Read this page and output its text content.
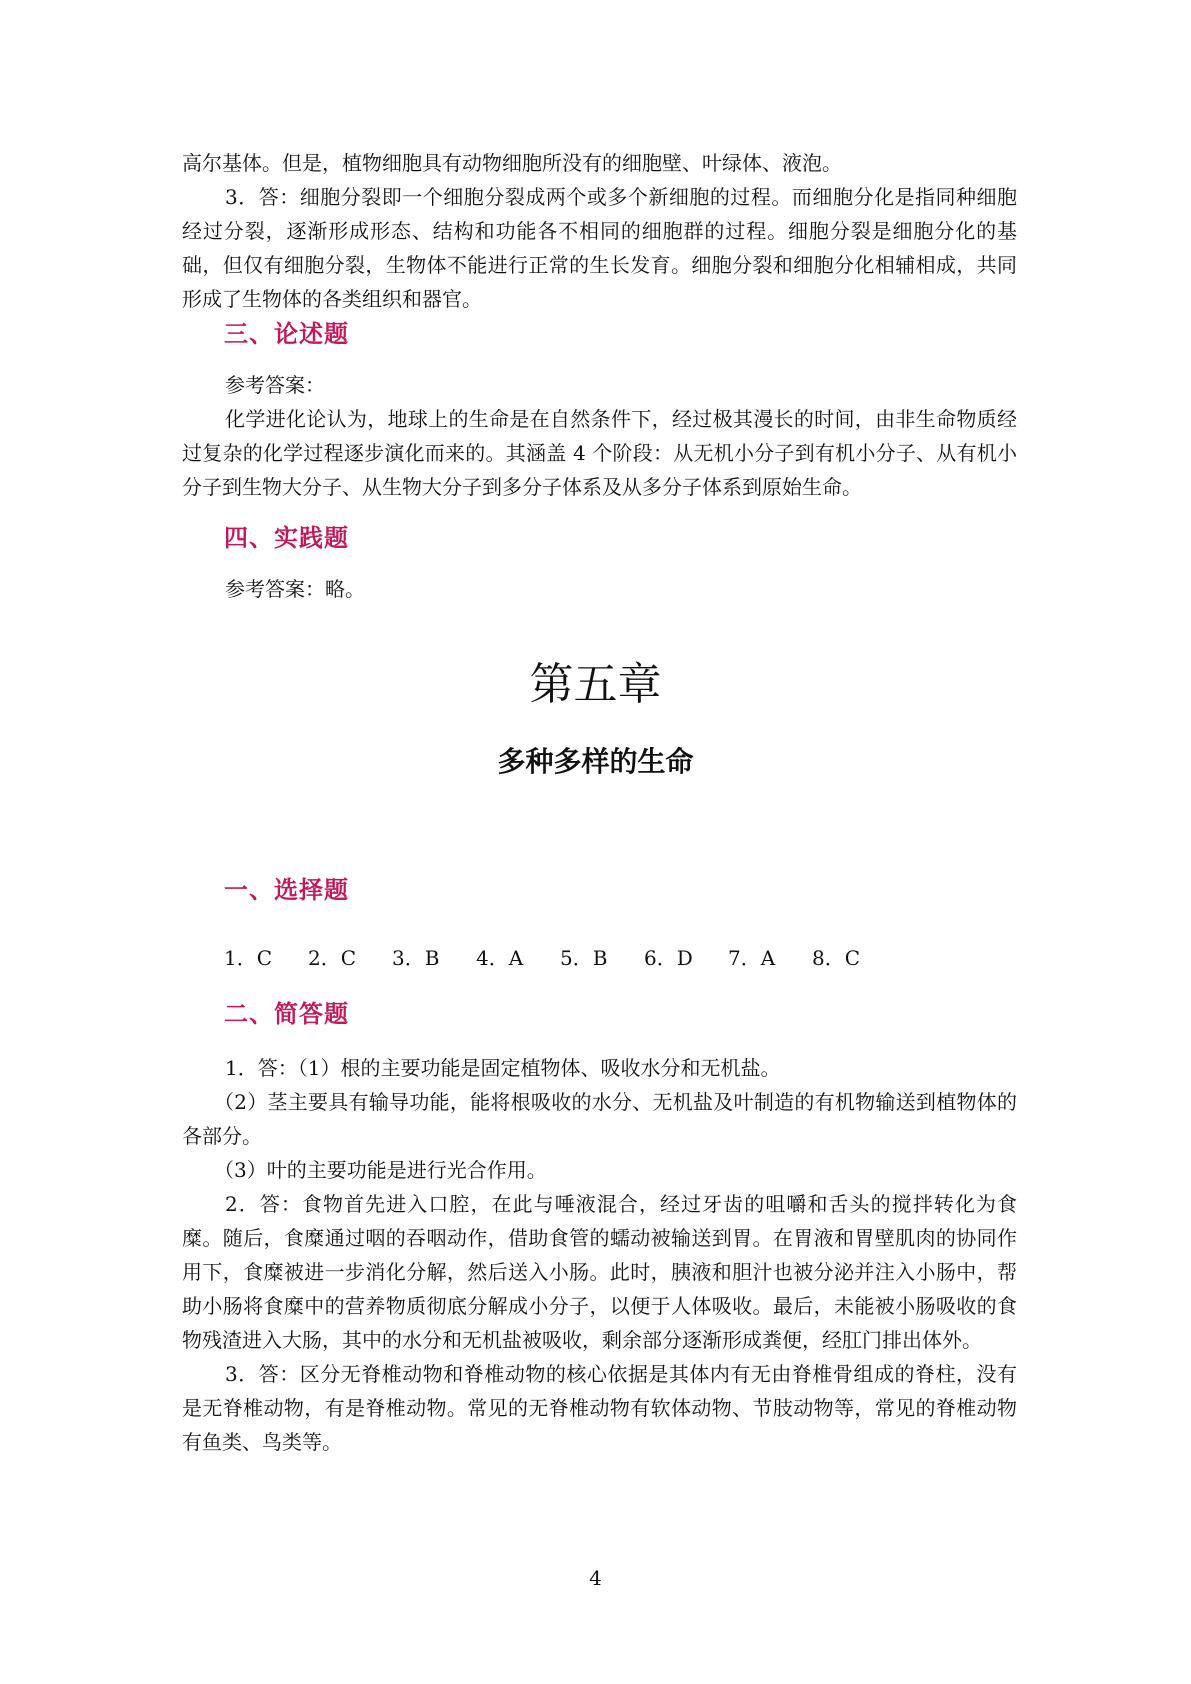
高尔基体。但是，植物细胞具有动物细胞所没有的细胞壁、叶绿体、液泡。

3．答：细胞分裂即一个细胞分裂成两个或多个新细胞的过程。而细胞分化是指同种细胞经过分裂，逐渐形成形态、结构和功能各不相同的细胞群的过程。细胞分裂是细胞分化的基础，但仅有细胞分裂，生物体不能进行正常的生长发育。细胞分裂和细胞分化相辅相成，共同形成了生物体的各类组织和器官。

三、论述题

参考答案：

化学进化论认为，地球上的生命是在自然条件下，经过极其漫长的时间，由非生命物质经过复杂的化学过程逐步演化而来的。其涵盖 4 个阶段：从无机小分子到有机小分子、从有机小分子到生物大分子、从生物大分子到多分子体系及从多分子体系到原始生命。

四、实践题

参考答案：略。

第五章
多种多样的生命
一、选择题
1．C	2．C	3．B	4．A	5．B	6．D	7．A	8．C
二、简答题

1．答：（1）根的主要功能是固定植物体、吸收水分和无机盐。

（2）茎主要具有输导功能，能将根吸收的水分、无机盐及叶制造的有机物输送到植物体的各部分。

（3）叶的主要功能是进行光合作用。

2．答：食物首先进入口腔，在此与唾液混合，经过牙齿的咀嚼和舌头的搅拌转化为食糜。随后，食糜通过咽的吞咽动作，借助食管的蠕动被输送到胃。在胃液和胃壁肌肉的协同作用下，食糜被进一步消化分解，然后送入小肠。此时，胰液和胆汁也被分泌并注入小肠中，帮助小肠将食糜中的营养物质彻底分解成小分子，以便于人体吸收。最后，未能被小肠吸收的食物残渣进入大肠，其中的水分和无机盐被吸收，剩余部分逐渐形成粪便，经肛门排出体外。

3．答：区分无脊椎动物和脊椎动物的核心依据是其体内有无由脊椎骨组成的脊柱，没有是无脊椎动物，有是脊椎动物。常见的无脊椎动物有软体动物、节肢动物等，常见的脊椎动物有鱼类、鸟类等。

4
